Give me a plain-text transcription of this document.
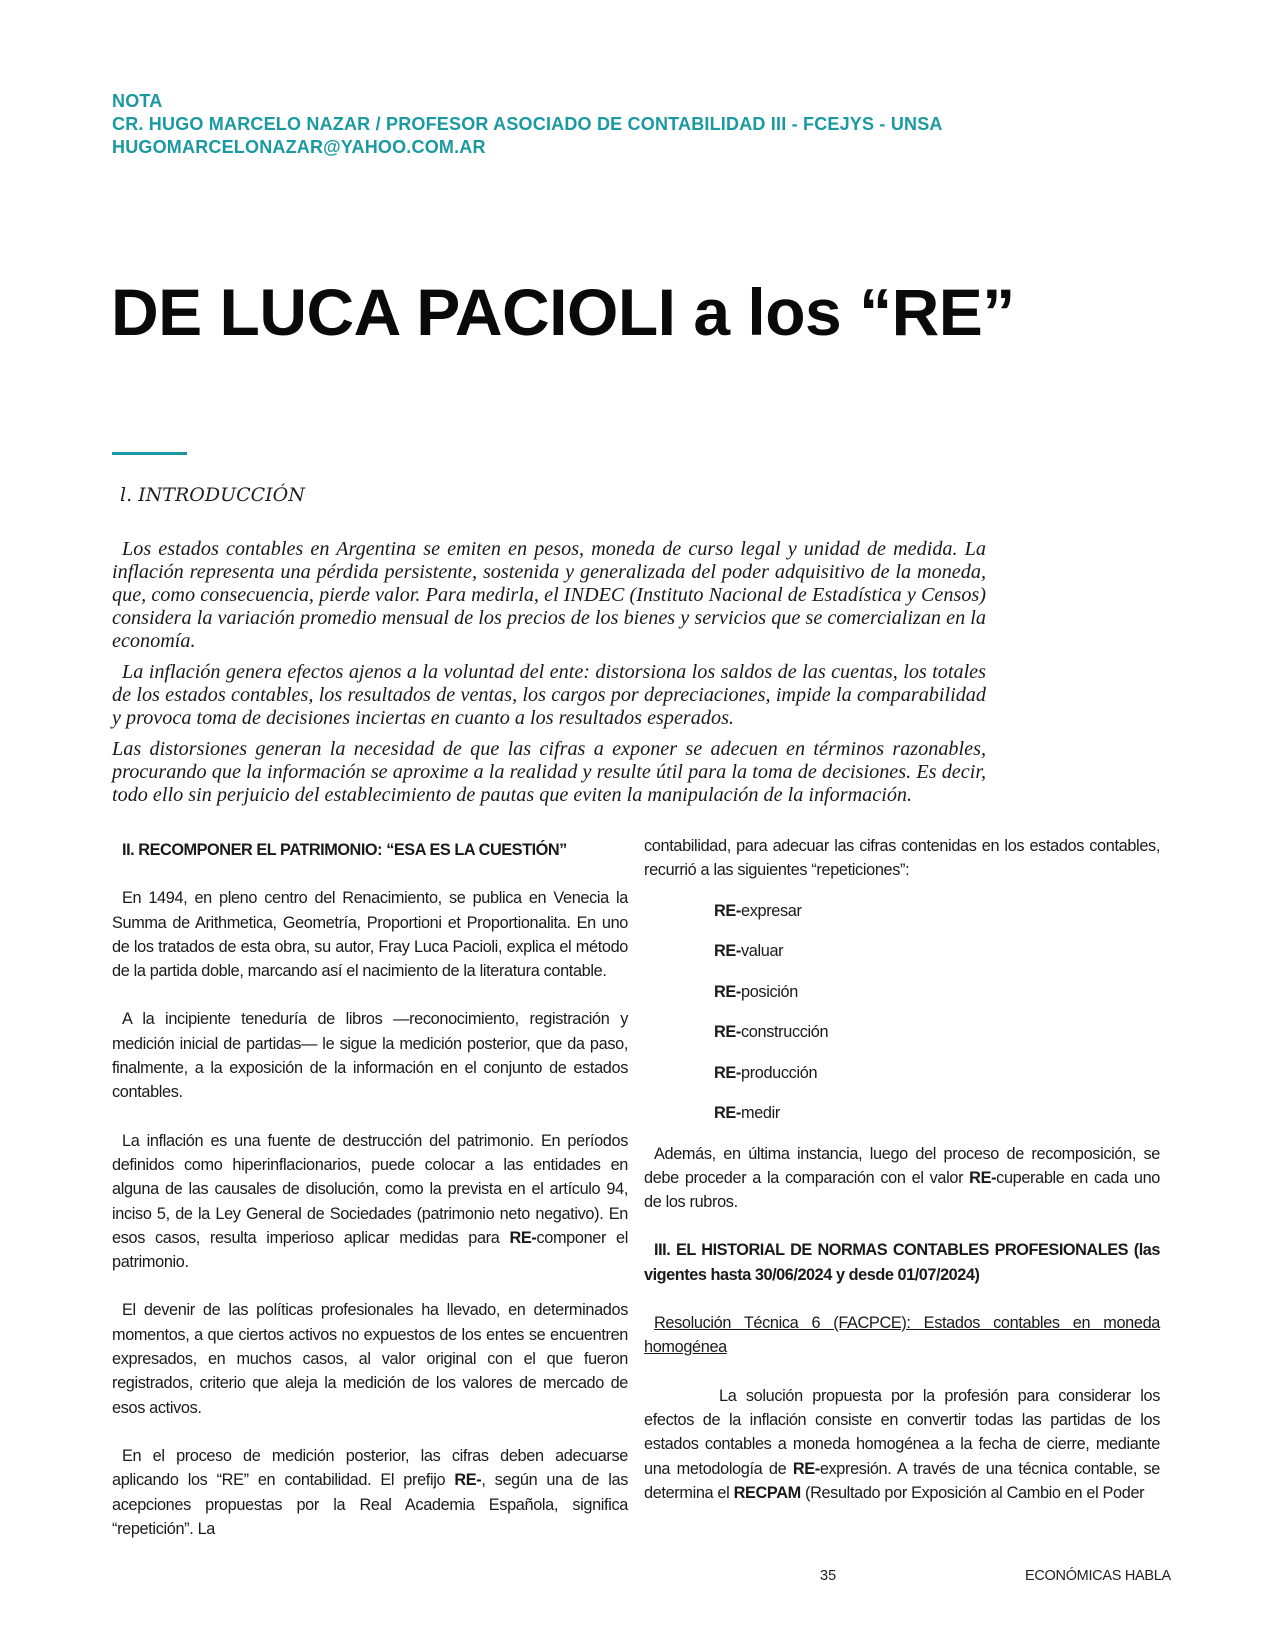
NOTA
CR. HUGO MARCELO NAZAR / PROFESOR ASOCIADO DE CONTABILIDAD III - FCEJYS - UNSA
HUGOMARCELONAZAR@YAHOO.COM.AR
DE LUCA PACIOLI a los “RE”
l. INTRODUCCIÓN

Los estados contables en Argentina se emiten en pesos, moneda de curso legal y unidad de medida. La inflación representa una pérdida persistente, sostenida y generalizada del poder adquisitivo de la moneda, que, como consecuencia, pierde valor. Para medirla, el INDEC (Instituto Nacional de Estadística y Censos) considera la variación promedio mensual de los precios de los bienes y servicios que se comercializan en la economía.

La inflación genera efectos ajenos a la voluntad del ente: distorsiona los saldos de las cuentas, los totales de los estados contables, los resultados de ventas, los cargos por depreciaciones, impide la comparabilidad y provoca toma de decisiones inciertas en cuanto a los resultados esperados.

Las distorsiones generan la necesidad de que las cifras a exponer se adecuen en términos razonables, procurando que la información se aproxime a la realidad y resulte útil para la toma de decisiones. Es decir, todo ello sin perjuicio del establecimiento de pautas que eviten la manipulación de la información.

II. RECOMPONER EL PATRIMONIO: “ESA ES LA CUESTIÓN”

En 1494, en pleno centro del Renacimiento, se publica en Venecia la Summa de Arithmetica, Geometría, Proportioni et Proportionalita. En uno de los tratados de esta obra, su autor, Fray Luca Pacioli, explica el método de la partida doble, marcando así el nacimiento de la literatura contable.

A la incipiente teneduría de libros —reconocimiento, registración y medición inicial de partidas— le sigue la medición posterior, que da paso, finalmente, a la exposición de la información en el conjunto de estados contables.

La inflación es una fuente de destrucción del patrimonio. En períodos definidos como hiperinflacionarios, puede colocar a las entidades en alguna de las causales de disolución, como la prevista en el artículo 94, inciso 5, de la Ley General de Sociedades (patrimonio neto negativo). En esos casos, resulta imperioso aplicar medidas para RE-componer el patrimonio.

El devenir de las políticas profesionales ha llevado, en determinados momentos, a que ciertos activos no expuestos de los entes se encuentren expresados, en muchos casos, al valor original con el que fueron registrados, criterio que aleja la medición de los valores de mercado de esos activos.

En el proceso de medición posterior, las cifras deben adecuarse aplicando los “RE” en contabilidad. El prefijo RE-, según una de las acepciones propuestas por la Real Academia Española, significa “repetición”. La

contabilidad, para adecuar las cifras contenidas en los estados contables, recurrió a las siguientes “repeticiones”:

RE-expresar
RE-valuar
RE-posición
RE-construcción
RE-producción
RE-medir

Además, en última instancia, luego del proceso de recomposición, se debe proceder a la comparación con el valor RE-cuperable en cada uno de los rubros.

III. EL HISTORIAL DE NORMAS CONTABLES PROFESIONALES (las vigentes hasta 30/06/2024 y desde 01/07/2024)

Resolución Técnica 6 (FACPCE): Estados contables en moneda homogénea

La solución propuesta por la profesión para considerar los efectos de la inflación consiste en convertir todas las partidas de los estados contables a moneda homogénea a la fecha de cierre, mediante una metodología de RE-expresión. A través de una técnica contable, se determina el RECPAM (Resultado por Exposición al Cambio en el Poder

35	ECONÓMICAS HABLA
